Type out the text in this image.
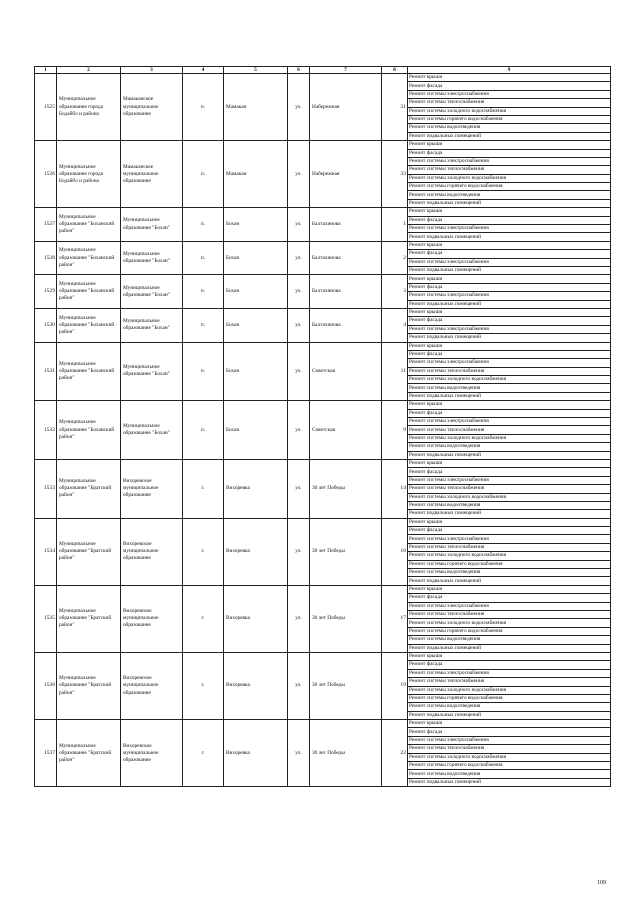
1	2	3	4	5	6	7	8	9
1525	Муниципальное образование города Бодайбо и района	Мамаканское муниципальное образование	п.	Мамакан	ул.	Набережная	31	Ремонт крыши
								Ремонт фасада
								Ремонт системы электроснабжения
								Ремонт системы теплоснабжения
								Ремонт системы холодного водоснабжения
								Ремонт системы горячего водоснабжения
								Ремонт системы водоотведения
								Ремонт подвальных помещений
1526	Муниципальное образование города Бодайбо и района	Мамаканское муниципальное образование	п.	Мамакан	ул.	Набережная	33	Ремонт крыши
								Ремонт фасада
								Ремонт системы электроснабжения
								Ремонт системы теплоснабжения
								Ремонт системы холодного водоснабжения
								Ремонт системы горячего водоснабжения
								Ремонт системы водоотведения
								Ремонт подвальных помещений
1527	Муниципальное образование "Боханский район"	Муниципальное образование "Бохан"	п.	Бохан	ул.	Балтахинова	1	Ремонт крыши
								Ремонт фасада
								Ремонт системы электроснабжения
								Ремонт подвальных помещений
1528	Муниципальное образование "Боханский район"	Муниципальное образование "Бохан"	п.	Бохан	ул.	Балтахинова	2	Ремонт крыши
								Ремонт фасада
								Ремонт системы электроснабжения
								Ремонт подвальных помещений
1529	Муниципальное образование "Боханский район"	Муниципальное образование "Бохан"	п.	Бохан	ул.	Балтахинова	3	Ремонт крыши
								Ремонт фасада
								Ремонт системы электроснабжения
								Ремонт подвальных помещений
1530	Муниципальное образование "Боханский район"	Муниципальное образование "Бохан"	п.	Бохан	ул.	Балтахинова	4	Ремонт крыши
								Ремонт фасада
								Ремонт системы электроснабжения
								Ремонт подвальных помещений
1531	Муниципальное образование "Боханский район"	Муниципальное образование "Бохан"	п.	Бохан	ул.	Советская	11	Ремонт крыши
								Ремонт фасада
								Ремонт системы электроснабжения
								Ремонт системы теплоснабжения
								Ремонт системы холодного водоснабжения
								Ремонт системы водоотведения
								Ремонт подвальных помещений
1532	Муниципальное образование "Боханский район"	Муниципальное образование "Бохан"	п.	Бохан	ул.	Советская	9	Ремонт крыши
								Ремонт фасада
								Ремонт системы электроснабжения
								Ремонт системы теплоснабжения
								Ремонт системы холодного водоснабжения
								Ремонт системы водоотведения
								Ремонт подвальных помещений
1533	Муниципальное образование "Братский район"	Вихоревское муниципальное образование	г.	Вихоревка	ул.	30 лет Победы	14	Ремонт крыши
								Ремонт фасада
								Ремонт системы электроснабжения
								Ремонт системы теплоснабжения
								Ремонт системы холодного водоснабжения
								Ремонт системы водоотведения
								Ремонт подвальных помещений
1534	Муниципальное образование "Братский район"	Вихоревское муниципальное образование	г.	Вихоревка	ул.	30 лет Победы	16	Ремонт крыши
								Ремонт фасада
								Ремонт системы электроснабжения
								Ремонт системы теплоснабжения
								Ремонт системы холодного водоснабжения
								Ремонт системы горячего водоснабжения
								Ремонт системы водоотведения
								Ремонт подвальных помещений
1535	Муниципальное образование "Братский район"	Вихоревское муниципальное образование	г.	Вихоревка	ул.	30 лет Победы	17	Ремонт крыши
								Ремонт фасада
								Ремонт системы электроснабжения
								Ремонт системы теплоснабжения
								Ремонт системы холодного водоснабжения
								Ремонт системы горячего водоснабжения
								Ремонт системы водоотведения
								Ремонт подвальных помещений
1536	Муниципальное образование "Братский район"	Вихоревское муниципальное образование	г.	Вихоревка	ул.	30 лет Победы	19	Ремонт крыши
								Ремонт фасада
								Ремонт системы электроснабжения
								Ремонт системы теплоснабжения
								Ремонт системы холодного водоснабжения
								Ремонт системы горячего водоснабжения
								Ремонт системы водоотведения
								Ремонт подвальных помещений
1537	Муниципальное образование "Братский район"	Вихоревское муниципальное образование	г.	Вихоревка	ул.	30 лет Победы	22	Ремонт крыши
								Ремонт фасада
								Ремонт системы электроснабжения
								Ремонт системы теплоснабжения
								Ремонт системы холодного водоснабжения
								Ремонт системы горячего водоснабжения
								Ремонт системы водоотведения
								Ремонт подвальных помещений
109
